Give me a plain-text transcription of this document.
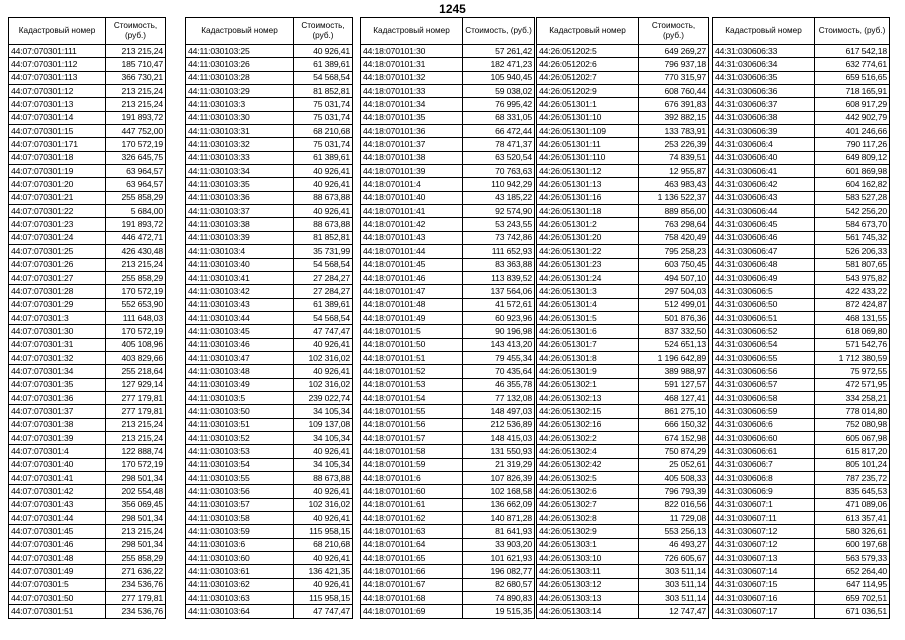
1245
Кадастровый номер	Стоимость, (руб.)
44:07:070301:111	213 215,24
44:07:070301:112	185 710,47
44:07:070301:113	366 730,21
44:07:070301:12	213 215,24
44:07:070301:13	213 215,24
44:07:070301:14	191 893,72
44:07:070301:15	447 752,00
44:07:070301:171	170 572,19
44:07:070301:18	326 645,75
44:07:070301:19	63 964,57
44:07:070301:20	63 964,57
44:07:070301:21	255 858,29
44:07:070301:22	5 684,00
44:07:070301:23	191 893,72
44:07:070301:24	446 472,71
44:07:070301:25	426 430,48
44:07:070301:26	213 215,24
44:07:070301:27	255 858,29
44:07:070301:28	170 572,19
44:07:070301:29	552 653,90
44:07:070301:3	111 648,03
44:07:070301:30	170 572,19
44:07:070301:31	405 108,96
44:07:070301:32	403 829,66
44:07:070301:34	255 218,64
44:07:070301:35	127 929,14
44:07:070301:36	277 179,81
44:07:070301:37	277 179,81
44:07:070301:38	213 215,24
44:07:070301:39	213 215,24
44:07:070301:4	122 888,74
44:07:070301:40	170 572,19
44:07:070301:41	298 501,34
44:07:070301:42	202 554,48
44:07:070301:43	356 069,45
44:07:070301:44	298 501,34
44:07:070301:45	213 215,24
44:07:070301:46	298 501,34
44:07:070301:48	255 858,29
44:07:070301:49	271 636,22
44:07:070301:5	234 536,76
44:07:070301:50	277 179,81
44:07:070301:51	234 536,76
Кадастровый номер	Стоимость, (руб.)
44:11:030103:25	40 926,41
44:11:030103:26	61 389,61
44:11:030103:28	54 568,54
44:11:030103:29	81 852,81
44:11:030103:3	75 031,74
44:11:030103:30	75 031,74
44:11:030103:31	68 210,68
44:11:030103:32	75 031,74
44:11:030103:33	61 389,61
44:11:030103:34	40 926,41
44:11:030103:35	40 926,41
44:11:030103:36	88 673,88
44:11:030103:37	40 926,41
44:11:030103:38	88 673,88
44:11:030103:39	81 852,81
44:11:030103:4	35 731,99
44:11:030103:40	54 568,54
44:11:030103:41	27 284,27
44:11:030103:42	27 284,27
44:11:030103:43	61 389,61
44:11:030103:44	54 568,54
44:11:030103:45	47 747,47
44:11:030103:46	40 926,41
44:11:030103:47	102 316,02
44:11:030103:48	40 926,41
44:11:030103:49	102 316,02
44:11:030103:5	239 022,74
44:11:030103:50	34 105,34
44:11:030103:51	109 137,08
44:11:030103:52	34 105,34
44:11:030103:53	40 926,41
44:11:030103:54	34 105,34
44:11:030103:55	88 673,88
44:11:030103:56	40 926,41
44:11:030103:57	102 316,02
44:11:030103:58	40 926,41
44:11:030103:59	115 958,15
44:11:030103:6	68 210,68
44:11:030103:60	40 926,41
44:11:030103:61	136 421,35
44:11:030103:62	40 926,41
44:11:030103:63	115 958,15
44:11:030103:64	47 747,47
Кадастровый номер	Стоимость, (руб.)
44:18:070101:30	57 261,42
44:18:070101:31	182 471,23
44:18:070101:32	105 940,45
44:18:070101:33	59 038,02
44:18:070101:34	76 995,42
44:18:070101:35	68 331,05
44:18:070101:36	66 472,44
44:18:070101:37	78 471,37
44:18:070101:38	63 520,54
44:18:070101:39	70 763,63
44:18:070101:4	110 942,29
44:18:070101:40	43 185,22
44:18:070101:41	92 574,90
44:18:070101:42	53 243,55
44:18:070101:43	73 742,86
44:18:070101:44	111 652,93
44:18:070101:45	83 363,88
44:18:070101:46	113 839,52
44:18:070101:47	137 564,06
44:18:070101:48	41 572,61
44:18:070101:49	60 923,96
44:18:070101:5	90 196,98
44:18:070101:50	143 413,20
44:18:070101:51	79 455,34
44:18:070101:52	70 435,64
44:18:070101:53	46 355,78
44:18:070101:54	77 132,08
44:18:070101:55	148 497,03
44:18:070101:56	212 536,89
44:18:070101:57	148 415,03
44:18:070101:58	131 550,93
44:18:070101:59	21 319,29
44:18:070101:6	107 826,39
44:18:070101:60	102 168,58
44:18:070101:61	136 662,09
44:18:070101:62	140 871,28
44:18:070101:63	81 641,93
44:18:070101:64	33 903,20
44:18:070101:65	101 621,93
44:18:070101:66	196 082,77
44:18:070101:67	82 680,57
44:18:070101:68	74 890,83
44:18:070101:69	19 515,35
Кадастровый номер	Стоимость, (руб.)
44:26:051202:5	649 269,27
44:26:051202:6	796 937,18
44:26:051202:7	770 315,97
44:26:051202:9	608 760,44
44:26:051301:1	676 391,83
44:26:051301:10	392 882,15
44:26:051301:109	133 783,91
44:26:051301:11	253 226,39
44:26:051301:110	74 839,51
44:26:051301:12	12 955,87
44:26:051301:13	463 983,43
44:26:051301:16	1 136 522,37
44:26:051301:18	889 856,00
44:26:051301:2	763 298,64
44:26:051301:20	758 420,49
44:26:051301:22	795 258,23
44:26:051301:23	603 750,45
44:26:051301:24	494 507,10
44:26:051301:3	297 504,03
44:26:051301:4	512 499,01
44:26:051301:5	501 876,36
44:26:051301:6	837 332,50
44:26:051301:7	524 651,13
44:26:051301:8	1 196 642,89
44:26:051301:9	389 988,97
44:26:051302:1	591 127,57
44:26:051302:13	468 127,41
44:26:051302:15	861 275,10
44:26:051302:16	666 150,32
44:26:051302:2	674 152,98
44:26:051302:4	750 874,29
44:26:051302:42	25 052,61
44:26:051302:5	405 508,33
44:26:051302:6	796 793,39
44:26:051302:7	822 016,56
44:26:051302:8	11 729,08
44:26:051302:9	553 256,13
44:26:051303:1	46 493,27
44:26:051303:10	726 605,67
44:26:051303:11	303 511,14
44:26:051303:12	303 511,14
44:26:051303:13	303 511,14
44:26:051303:14	12 747,47
Кадастровый номер	Стоимость, (руб.)
44:31:030606:33	617 542,18
44:31:030606:34	632 774,61
44:31:030606:35	659 516,65
44:31:030606:36	718 165,91
44:31:030606:37	608 917,29
44:31:030606:38	442 902,79
44:31:030606:39	401 246,66
44:31:030606:4	790 117,26
44:31:030606:40	649 809,12
44:31:030606:41	601 869,98
44:31:030606:42	604 162,82
44:31:030606:43	583 527,28
44:31:030606:44	542 256,20
44:31:030606:45	584 673,70
44:31:030606:46	561 745,32
44:31:030606:47	526 206,33
44:31:030606:48	581 807,65
44:31:030606:49	543 975,82
44:31:030606:5	422 433,22
44:31:030606:50	872 424,87
44:31:030606:51	468 131,55
44:31:030606:52	618 069,80
44:31:030606:54	571 542,76
44:31:030606:55	1 712 380,59
44:31:030606:56	75 972,55
44:31:030606:57	472 571,95
44:31:030606:58	334 258,21
44:31:030606:59	778 014,80
44:31:030606:6	752 080,98
44:31:030606:60	605 067,98
44:31:030606:61	615 817,20
44:31:030606:7	805 101,24
44:31:030606:8	787 235,72
44:31:030606:9	835 645,53
44:31:030607:1	471 089,06
44:31:030607:11	613 357,41
44:31:030607:12	580 326,61
44:31:030607:12	600 197,68
44:31:030607:13	563 579,33
44:31:030607:14	652 264,40
44:31:030607:15	647 114,95
44:31:030607:16	659 702,51
44:31:030607:17	671 036,51
